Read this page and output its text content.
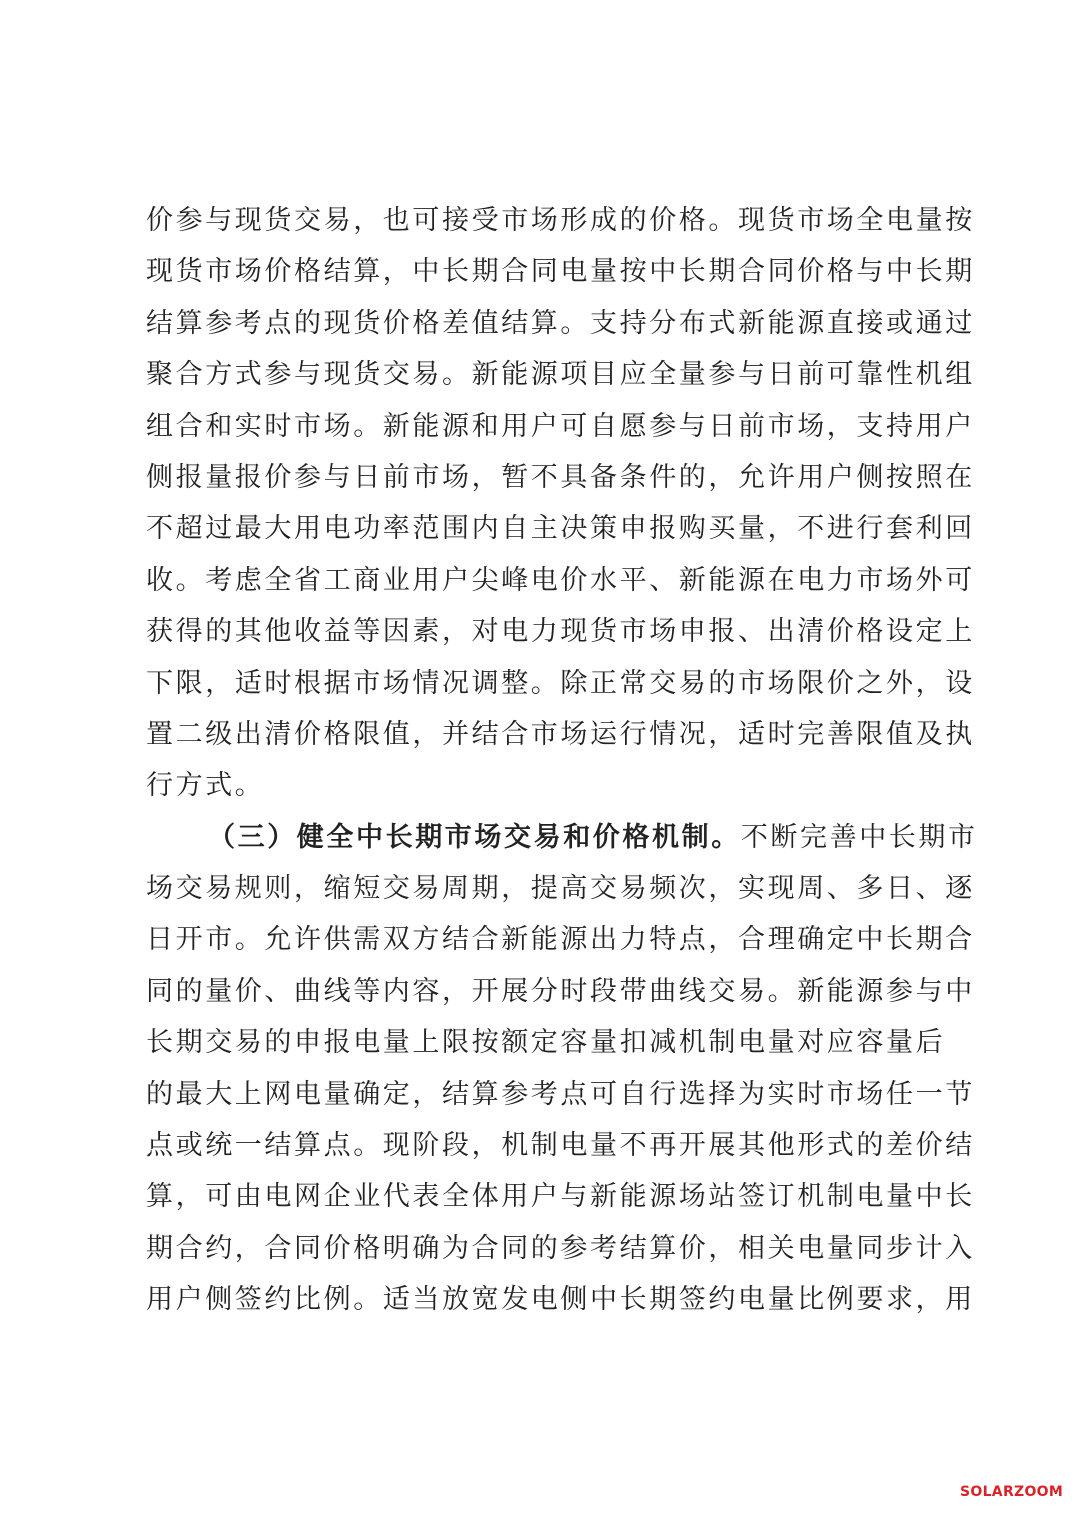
价参与现货交易，也可接受市场形成的价格。现货市场全电量按
现货市场价格结算，中长期合同电量按中长期合同价格与中长期
结算参考点的现货价格差值结算。支持分布式新能源直接或通过
聚合方式参与现货交易。新能源项目应全量参与日前可靠性机组
组合和实时市场。新能源和用户可自愿参与日前市场，支持用户
侧报量报价参与日前市场，暂不具备条件的，允许用户侧按照在
不超过最大用电功率范围内自主决策申报购买量，不进行套利回
收。考虑全省工商业用户尖峰电价水平、新能源在电力市场外可
获得的其他收益等因素，对电力现货市场申报、出清价格设定上
下限，适时根据市场情况调整。除正常交易的市场限价之外，设
置二级出清价格限值，并结合市场运行情况，适时完善限值及执
行方式。
（三）健全中长期市场交易和价格机制。不断完善中长期市
场交易规则，缩短交易周期，提高交易频次，实现周、多日、逐
日开市。允许供需双方结合新能源出力特点，合理确定中长期合
同的量价、曲线等内容，开展分时段带曲线交易。新能源参与中
长期交易的申报电量上限按额定容量扣减机制电量对应容量后
的最大上网电量确定，结算参考点可自行选择为实时市场任一节
点或统一结算点。现阶段，机制电量不再开展其他形式的差价结
算，可由电网企业代表全体用户与新能源场站签订机制电量中长
期合约，合同价格明确为合同的参考结算价，相关电量同步计入
用户侧签约比例。适当放宽发电侧中长期签约电量比例要求，用
SOLARZOOM
